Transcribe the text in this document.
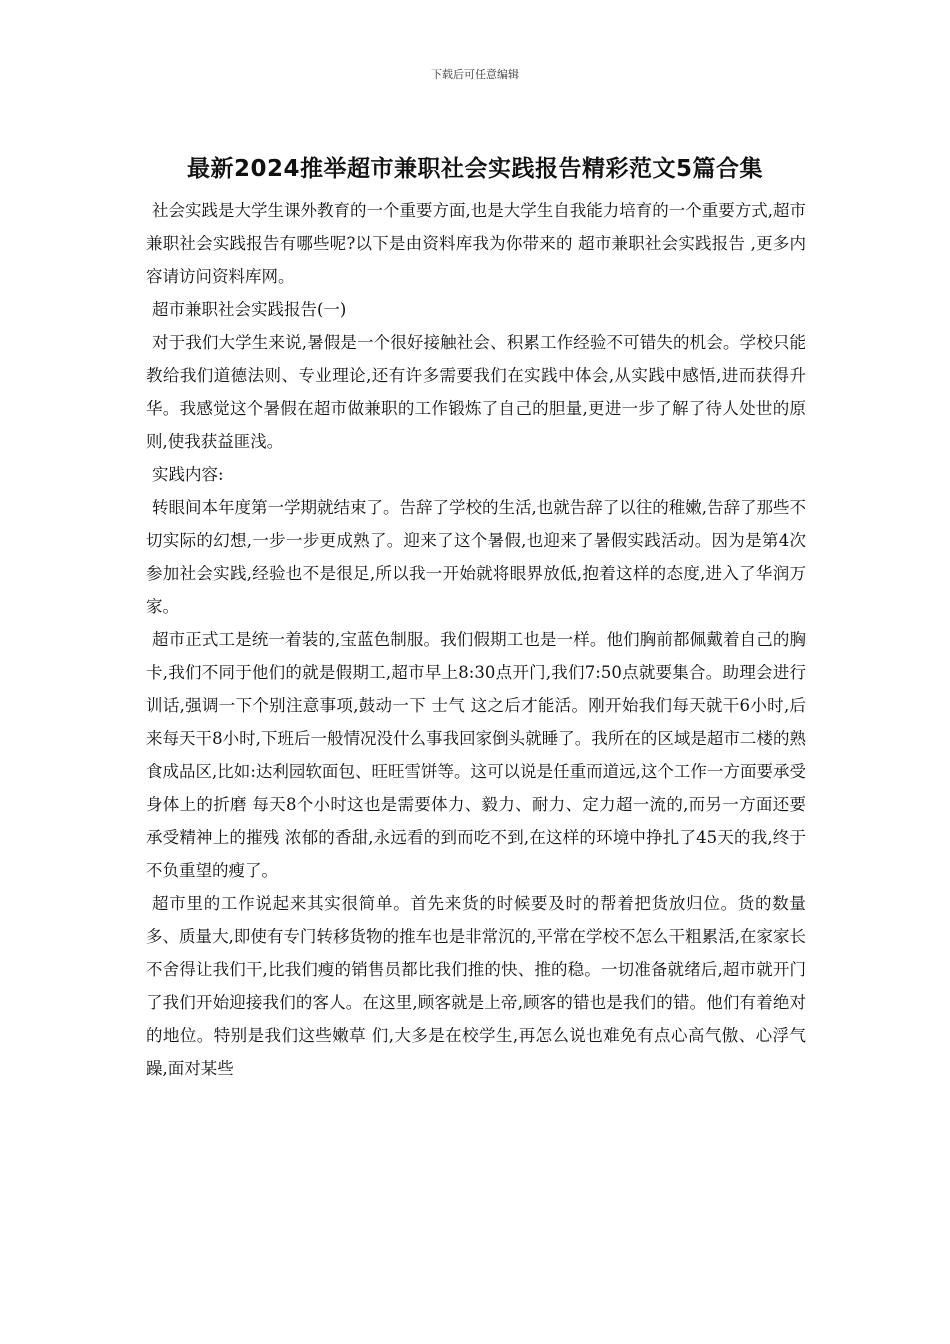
下载后可任意编辑
最新2024推举超市兼职社会实践报告精彩范文5篇合集

社会实践是大学生课外教育的一个重要方面,也是大学生自我能力培育的一个重要方式,超市兼职社会实践报告有哪些呢?以下是由资料库我为你带来的 超市兼职社会实践报告 ,更多内容请访问资料库网。

超市兼职社会实践报告(一)

对于我们大学生来说,暑假是一个很好接触社会、积累工作经验不可错失的机会。学校只能教给我们道德法则、专业理论,还有许多需要我们在实践中体会,从实践中感悟,进而获得升华。我感觉这个暑假在超市做兼职的工作锻炼了自己的胆量,更进一步了解了待人处世的原则,使我获益匪浅。

实践内容:

转眼间本年度第一学期就结束了。告辞了学校的生活,也就告辞了以往的稚嫩,告辞了那些不切实际的幻想,一步一步更成熟了。迎来了这个暑假,也迎来了暑假实践活动。因为是第4次参加社会实践,经验也不是很足,所以我一开始就将眼界放低,抱着这样的态度,进入了华润万家。

超市正式工是统一着装的,宝蓝色制服。我们假期工也是一样。他们胸前都佩戴着自己的胸卡,我们不同于他们的就是假期工,超市早上8:30点开门,我们7:50点就要集合。助理会进行训话,强调一下个别注意事项,鼓动一下 士气 这之后才能活。刚开始我们每天就干6小时,后来每天干8小时,下班后一般情况没什么事我回家倒头就睡了。我所在的区域是超市二楼的熟食成品区,比如:达利园软面包、旺旺雪饼等。这可以说是任重而道远,这个工作一方面要承受身体上的折磨 每天8个小时这也是需要体力、毅力、耐力、定力超一流的,而另一方面还要承受精神上的摧残 浓郁的香甜,永远看的到而吃不到,在这样的环境中挣扎了45天的我,终于不负重望的瘦了。

超市里的工作说起来其实很简单。首先来货的时候要及时的帮着把货放归位。货的数量多、质量大,即使有专门转移货物的推车也是非常沉的,平常在学校不怎么干粗累活,在家家长不舍得让我们干,比我们瘦的销售员都比我们推的快、推的稳。一切准备就绪后,超市就开门了我们开始迎接我们的客人。在这里,顾客就是上帝,顾客的错也是我们的错。他们有着绝对的地位。特别是我们这些嫩草 们,大多是在校学生,再怎么说也难免有点心高气傲、心浮气躁,面对某些
